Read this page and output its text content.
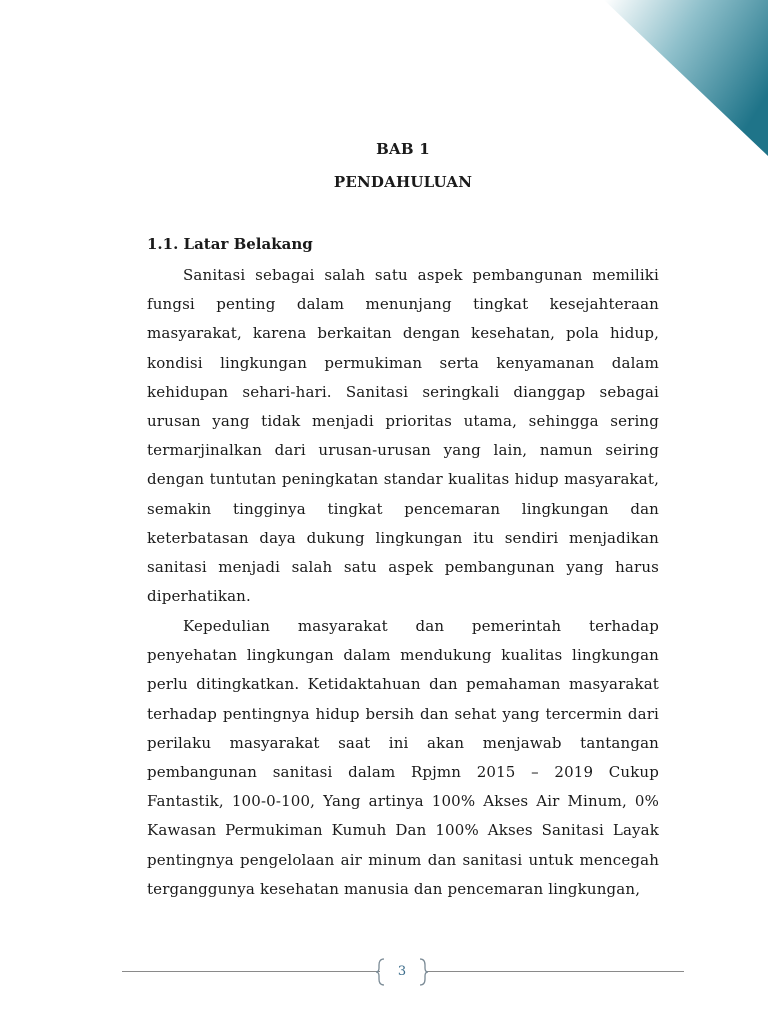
BAB 1
PENDAHULUAN
1.1. Latar Belakang

Sanitasi sebagai salah satu aspek pembangunan memiliki fungsi penting dalam menunjang tingkat kesejahteraan masyarakat, karena berkaitan dengan kesehatan, pola hidup, kondisi lingkungan permukiman serta kenyamanan dalam kehidupan sehari-hari. Sanitasi seringkali dianggap sebagai urusan yang tidak menjadi prioritas utama, sehingga sering termarjinalkan dari urusan-urusan yang lain, namun seiring dengan tuntutan peningkatan standar kualitas hidup masyarakat, semakin tingginya tingkat pencemaran lingkungan dan keterbatasan daya dukung lingkungan itu sendiri menjadikan sanitasi menjadi salah satu aspek pembangunan yang harus diperhatikan.

Kepedulian masyarakat dan pemerintah terhadap penyehatan lingkungan dalam mendukung kualitas lingkungan perlu ditingkatkan. Ketidaktahuan dan pemahaman masyarakat terhadap pentingnya hidup bersih dan sehat yang tercermin dari perilaku masyarakat saat ini akan menjawab tantangan pembangunan sanitasi dalam Rpjmn 2015 – 2019 Cukup Fantastik, 100-0-100, Yang artinya 100% Akses Air Minum, 0% Kawasan Permukiman Kumuh Dan 100% Akses Sanitasi Layak pentingnya pengelolaan air minum dan sanitasi untuk mencegah terganggunya kesehatan manusia dan pencemaran lingkungan,

3
